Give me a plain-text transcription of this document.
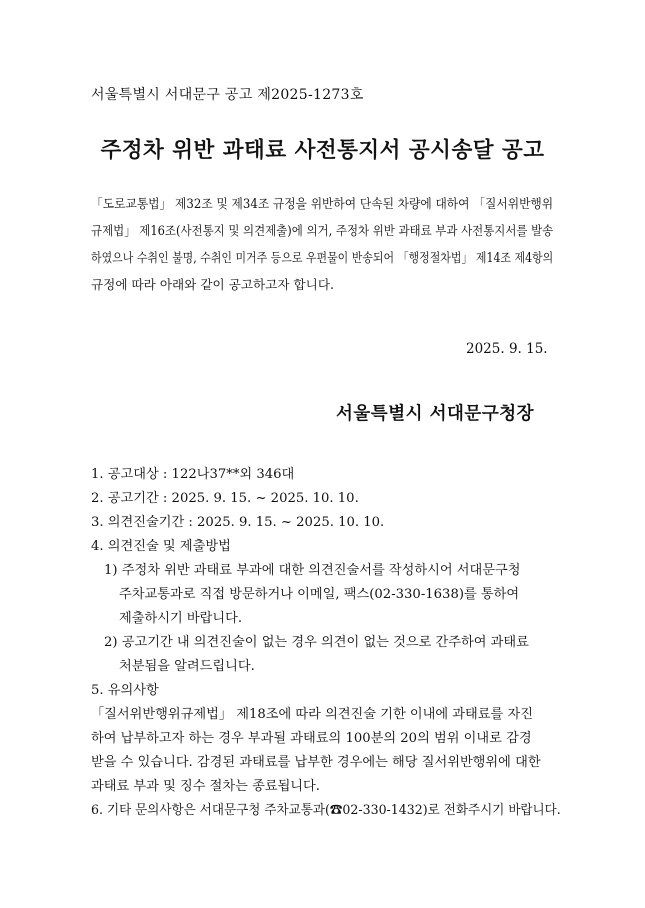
서울특별시 서대문구 공고 제2025-1273호
주정차 위반 과태료 사전통지서 공시송달 공고
「도로교통법」 제32조 및 제34조 규정을 위반하여 단속된 차량에 대하여 「질서위반행위
규제법」 제16조(사전통지 및 의견제출)에 의거, 주정차 위반 과태료 부과 사전통지서를 발송
하였으나 수취인 불명, 수취인 미거주 등으로 우편물이 반송되어 「행정절차법」 제14조 제4항의
규정에 따라 아래와 같이 공고하고자 합니다.
2025. 9. 15.
서울특별시 서대문구청장
1. 공고대상 : 122나37**외 346대
2. 공고기간 : 2025. 9. 15. ~ 2025. 10. 10.
3. 의견진술기간 : 2025. 9. 15. ~ 2025. 10. 10.
4. 의견진술 및 제출방법
1) 주정차 위반 과태료 부과에 대한 의견진술서를 작성하시어 서대문구청
주차교통과로 직접 방문하거나 이메일, 팩스(02-330-1638)를 통하여
제출하시기 바랍니다.
2) 공고기간 내 의견진술이 없는 경우 의견이 없는 것으로 간주하여 과태료
처분됨을 알려드립니다.
5. 유의사항
「질서위반행위규제법」 제18조에 따라 의견진술 기한 이내에 과태료를 자진
하여 납부하고자 하는 경우 부과될 과태료의 100분의 20의 범위 이내로 감경
받을 수 있습니다. 감경된 과태료를 납부한 경우에는 해당 질서위반행위에 대한
과태료 부과 및 징수 절차는 종료됩니다.
6. 기타 문의사항은 서대문구청 주차교통과(☎02-330-1432)로 전화주시기 바랍니다.
